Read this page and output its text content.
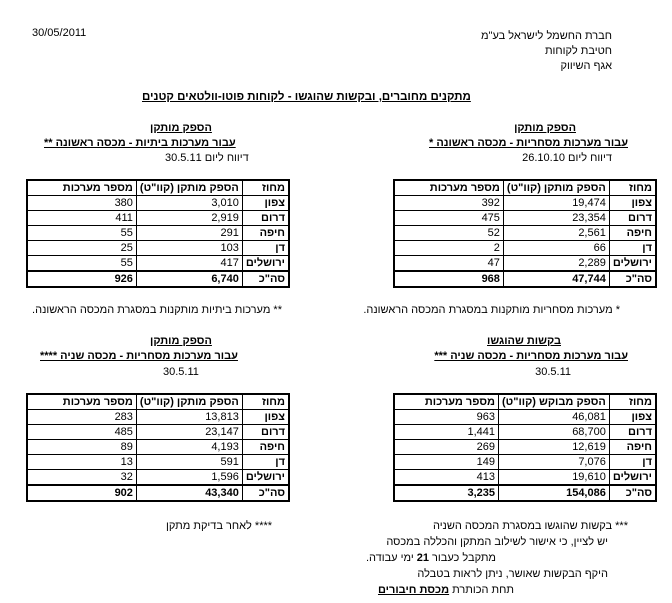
30/05/2011	חברת החשמל לישראל בע"מ
חטיבת לקוחות
אגף השיווק
מתקנים מחוברים, ובקשות שהוגשו - לקוחות פוטו-וולטאים קטנים
הספק מותקן
עבור מערכות מסחריות - מכסה ראשונה *
דיווח ליום 26.10.10
הספק מותקן
עבור מערכות ביתיות - מכסה ראשונה **
דיווח ליום 30.5.11
מחוז	הספק מותקן (קוו"ט)	מספר מערכות
צפון	19,474	392
דרום	23,354	475
חיפה	2,561	52
דן	66	2
ירושלים	2,289	47
סה"כ	47,744	968
מחוז	הספק מותקן (קוו"ט)	מספר מערכות
צפון	3,010	380
דרום	2,919	411
חיפה	291	55
דן	103	25
ירושלים	417	55
סה"כ	6,740	926
* מערכות מסחריות מותקנות במסגרת המכסה הראשונה.
** מערכות ביתיות מותקנות במסגרת המכסה הראשונה.
בקשות שהוגשו
עבור מערכות מסחריות - מכסה שניה ***
30.5.11
הספק מותקן
עבור מערכות מסחריות - מכסה שניה ****
30.5.11
מחוז	הספק מבוקש (קוו"ט)	מספר מערכות
צפון	46,081	963
דרום	68,700	1,441
חיפה	12,619	269
דן	7,076	149
ירושלים	19,610	413
סה"כ	154,086	3,235
מחוז	הספק מותקן (קוו"ט)	מספר מערכות
צפון	13,813	283
דרום	23,147	485
חיפה	4,193	89
דן	591	13
ירושלים	1,596	32
סה"כ	43,340	902
*** בקשות שהוגשו במסגרת המכסה השניה
יש לציין, כי אישור לשילוב המתקן והכללה במכסה
מתקבל כעבור 21 ימי עבודה.
היקף הבקשות שאושר, ניתן לראות בטבלה
תחת הכותרת מכסת חיבורים
**** לאחר בדיקת מתקן
